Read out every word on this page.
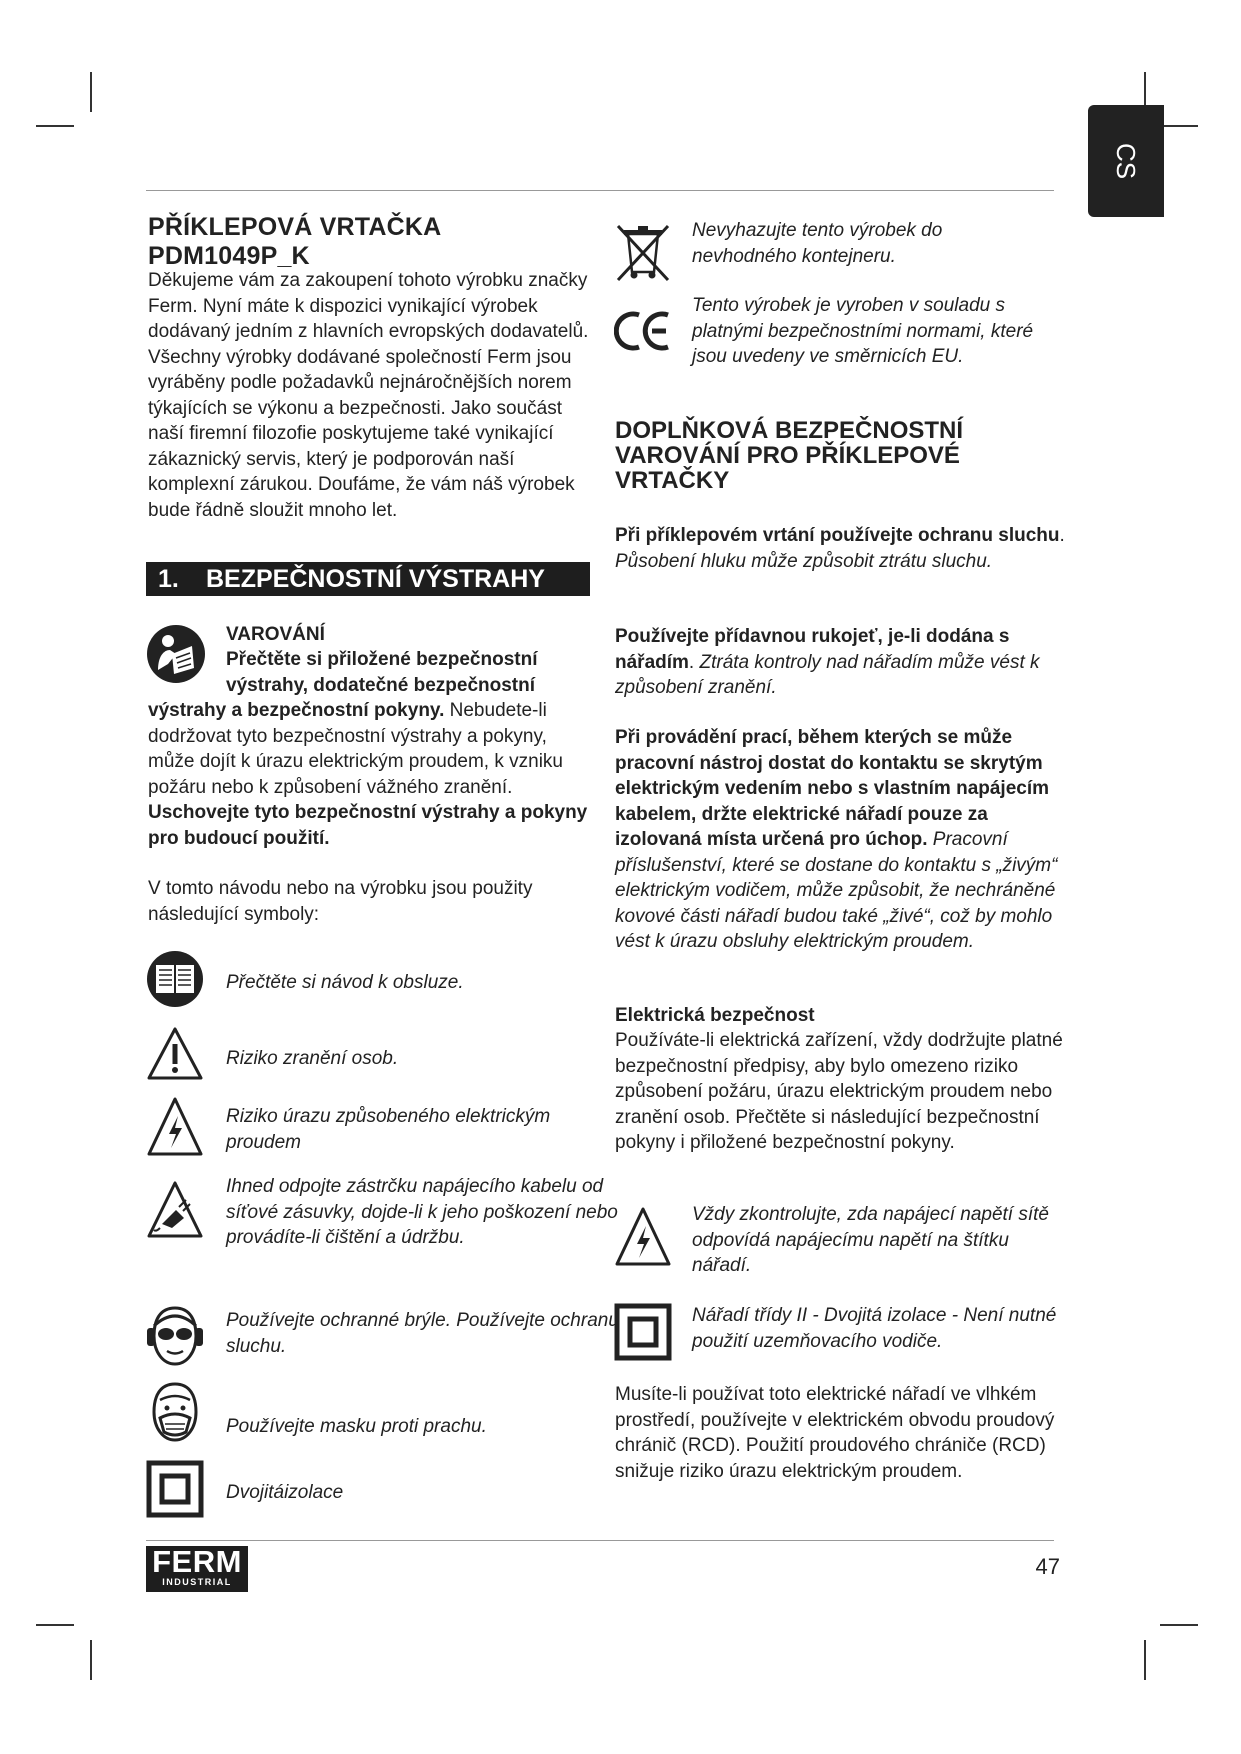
CS
PŘÍKLEPOVÁ VRTAČKA PDM1049P_K

Děkujeme vám za zakoupení tohoto výrobku značky Ferm. Nyní máte k dispozici vynikající výrobek dodávaný jedním z hlavních evropských dodavatelů. Všechny výrobky dodávané společností Ferm jsou vyráběny podle požadavků nejnáročnějších norem týkajících se výkonu a bezpečnosti. Jako součást naší firemní filozofie poskytujeme také vynikající zákaznický servis, který je podporován naší komplexní zárukou. Doufáme, že vám náš výrobek bude řádně sloužit mnoho let.

1.	BEZPEČNOSTNÍ VÝSTRAHY

VAROVÁNÍ

Přečtěte si přiložené bezpečnostní výstrahy, dodatečné bezpečnostní výstrahy a bezpečnostní pokyny. Nebudete-li dodržovat tyto bezpečnostní výstrahy a pokyny, může dojít k úrazu elektrickým proudem, k vzniku požáru nebo k způsobení vážného zranění. Uschovejte tyto bezpečnostní výstrahy a pokyny pro budoucí použití.

V tomto návodu nebo na výrobku jsou použity následující symboly:

Přečtěte si návod k obsluze.
Riziko zranění osob.
Riziko úrazu způsobeného elektrickým proudem
Ihned odpojte zástrčku napájecího kabelu od síťové zásuvky, dojde-li k jeho poškození nebo provádíte-li čištění a údržbu.
Používejte ochranné brýle. Používejte ochranu sluchu.
Používejte masku proti prachu.
Dvojitáizolace
Nevyhazujte tento výrobek do nevhodného kontejneru.
Tento výrobek je vyroben v souladu s platnými bezpečnostními normami, které jsou uvedeny ve směrnicích EU.
DOPLŇKOVÁ BEZPEČNOSTNÍ VAROVÁNÍ PRO PŘÍKLEPOVÉ VRTAČKY
Při příklepovém vrtání používejte ochranu sluchu. Působení hluku může způsobit ztrátu sluchu.
Používejte přídavnou rukojeť, je-li dodána s nářadím. Ztráta kontroly nad nářadím může vést k způsobení zranění.
Při provádění prací, během kterých se může pracovní nástroj dostat do kontaktu se skrytým elektrickým vedením nebo s vlastním napájecím kabelem, držte elektrické nářadí pouze za izolovaná místa určená pro úchop. Pracovní příslušenství, které se dostane do kontaktu s „živým“ elektrickým vodičem, může způsobit, že nechráněné kovové části nářadí budou také „živé“, což by mohlo vést k úrazu obsluhy elektrickým proudem.

Elektrická bezpečnost

Používáte-li elektrická zařízení, vždy dodržujte platné bezpečnostní předpisy, aby bylo omezeno riziko způsobení požáru, úrazu elektrickým proudem nebo zranění osob. Přečtěte si následující bezpečnostní pokyny i přiložené bezpečnostní pokyny.

Vždy zkontrolujte, zda napájecí napětí sítě odpovídá napájecímu napětí na štítku nářadí.
Nářadí třídy II - Dvojitá izolace - Není nutné použití uzemňovacího vodiče.

Musíte-li používat toto elektrické nářadí ve vlhkém prostředí, používejte v elektrickém obvodu proudový chránič (RCD). Použití proudového chrániče (RCD) snižuje riziko úrazu elektrickým proudem.

FERM
INDUSTRIAL
47
